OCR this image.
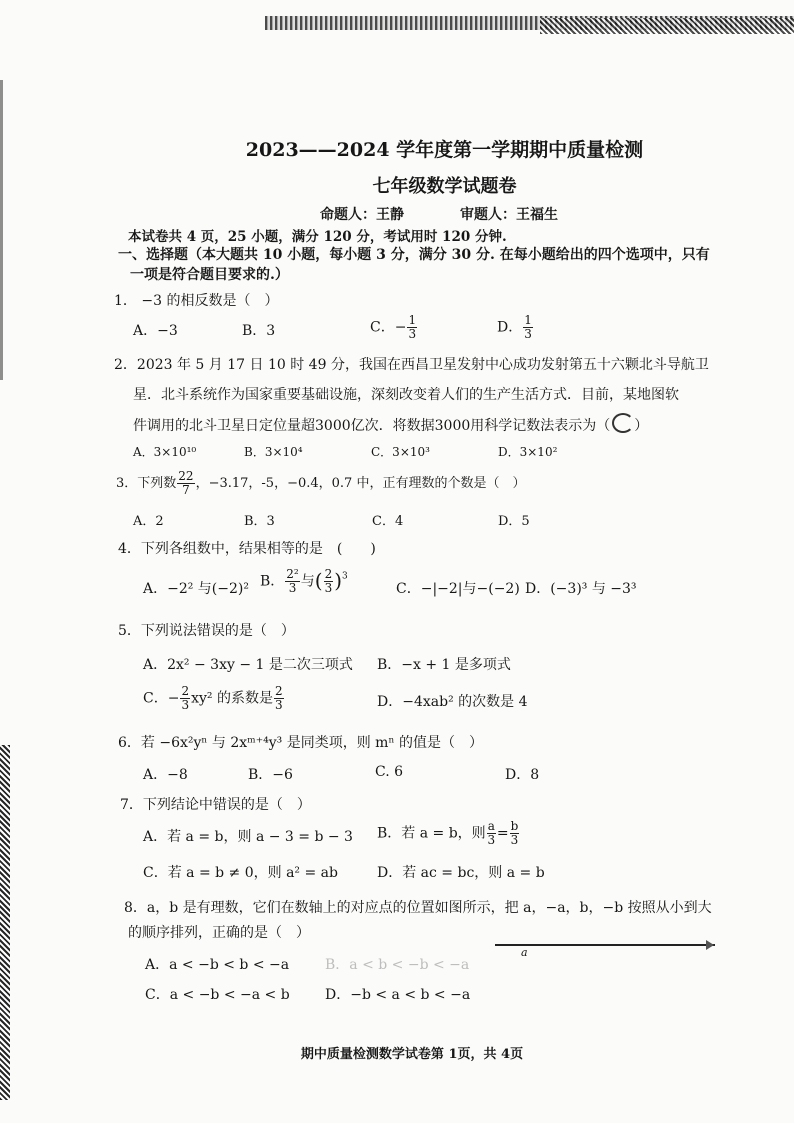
2023——2024 学年度第一学期期中质量检测
七年级数学试题卷
命题人：王静　　　　审题人：王福生
本试卷共 4 页，25 小题，满分 120 分，考试用时 120 分钟.
一、选择题（本大题共 10 小题，每小题 3 分，满分 30 分. 在每小题给出的四个选项中，只有
一项是符合题目要求的.）
1． −3 的相反数是（　）
A．−3	B．3	C．− $\frac{1}{3}$	D． $\frac{1}{3}$
2．2023 年 5 月 17 日 10 时 49 分，我国在西昌卫星发射中心成功发射第五十六颗北斗导航卫
星．北斗系统作为国家重要基础设施，深刻改变着人们的生产生活方式．目前，某地图软
件调用的北斗卫星日定位量超3000亿次．将数据3000用科学记数法表示为（ ）
A．3×10¹⁰	B．3×10⁴	C．3×10³	D．3×10²
3．下列数 $\frac{22}{7}$ ，−3.17，-5，−0.4，0.7 中，正有理数的个数是（　）
A．2	B．3	C．4	D．5
4．下列各组数中，结果相等的是　(　　)
A．−2² 与(−2)² B． $\frac{\text{2²}}{3}$ 与( $\frac{2}{3} )^3$
C．−|−2|与−(−2) D．(−3)³ 与 −3³
5．下列说法错误的是（　）
A．2x² − 3xy − 1 是二次三项式 B．−x + 1 是多项式
C．− $\frac{2}{3} xy^2$ 的系数是 $\frac{2}{3}$	D．−4xab² 的次数是 4
6．若 −6x²yⁿ 与 2xᵐ⁺⁴y³ 是同类项，则 mⁿ 的值是（　）
A．−8	B．−6	C. 6	D．8
7．下列结论中错误的是（　）
A．若 a = b，则 a − 3 = b − 3 B．若 a = b，则 $\frac{a}{3} = \frac{b}{3}$
C．若 a = b ≠ 0，则 a² = ab	D．若 ac = bc，则 a = b
8．a，b 是有理数，它们在数轴上的对应点的位置如图所示，把 a，−a，b，−b 按照从小到大
的顺序排列，正确的是（　）
a
A．a < −b < b < −a	B．a < b < −b < −a
C．a < −b < −a < b	D．−b < a < b < −a
期中质量检测数学试卷第 1页，共 4页
